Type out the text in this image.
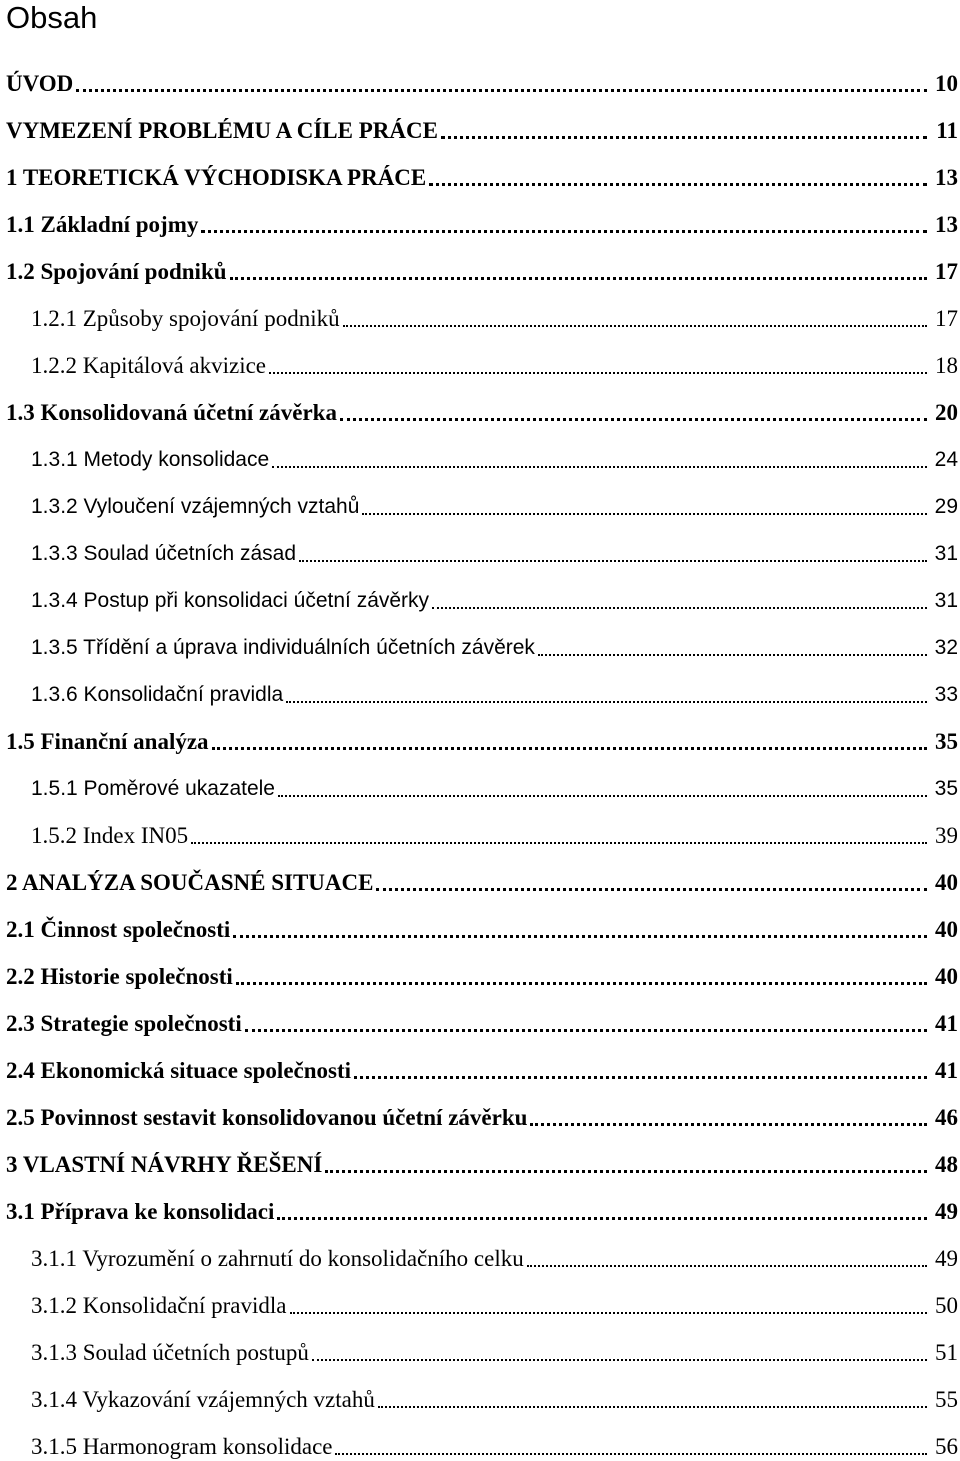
Obsah
ÚVOD	10
VYMEZENÍ PROBLÉMU A CÍLE PRÁCE	11
1 TEORETICKÁ VÝCHODISKA PRÁCE	13
1.1 Základní pojmy	13
1.2 Spojování podniků	17
1.2.1 Způsoby spojování podniků	17
1.2.2 Kapitálová akvizice	18
1.3 Konsolidovaná účetní závěrka	20
1.3.1 Metody konsolidace	24
1.3.2 Vyloučení vzájemných vztahů	29
1.3.3 Soulad účetních zásad	31
1.3.4 Postup při konsolidaci účetní závěrky	31
1.3.5 Třídění a úprava individuálních účetních závěrek	32
1.3.6 Konsolidační pravidla	33
1.5 Finanční analýza	35
1.5.1 Poměrové ukazatele	35
1.5.2 Index IN05	39
2 ANALÝZA SOUČASNÉ SITUACE	40
2.1 Činnost společnosti	40
2.2 Historie společnosti	40
2.3 Strategie společnosti	41
2.4 Ekonomická situace společnosti	41
2.5 Povinnost sestavit konsolidovanou účetní závěrku	46
3 VLASTNÍ NÁVRHY ŘEŠENÍ	48
3.1 Příprava ke konsolidaci	49
3.1.1 Vyrozumění o zahrnutí do konsolidačního celku	49
3.1.2 Konsolidační pravidla	50
3.1.3 Soulad účetních postupů	51
3.1.4 Vykazování vzájemných vztahů	55
3.1.5 Harmonogram konsolidace	56
